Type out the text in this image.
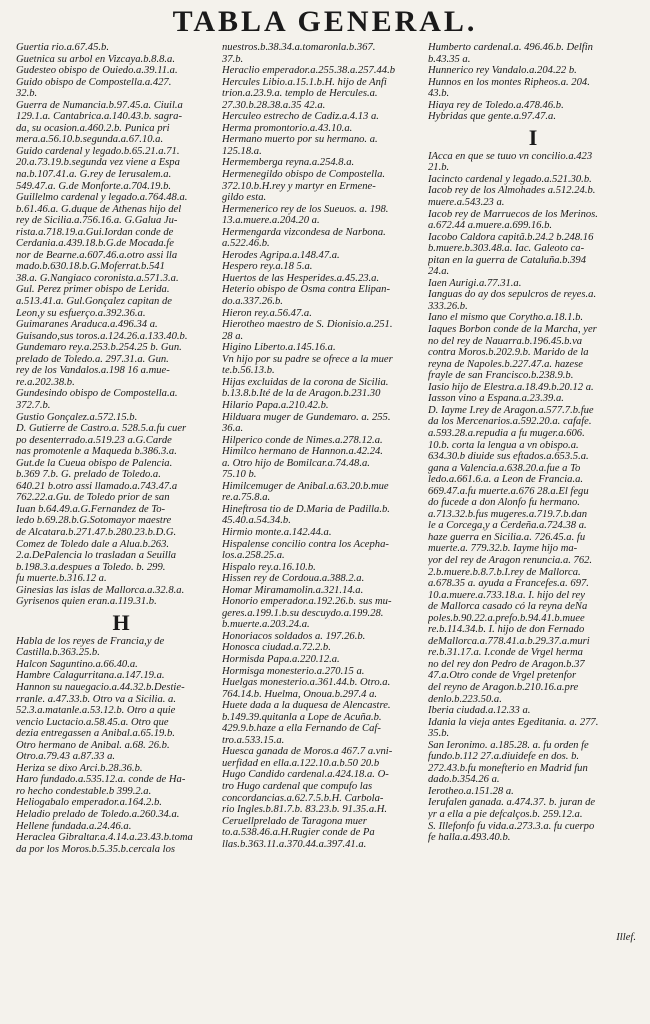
TABLA GENERAL.
Guertia rio.a.67.45.b.
Guetnica su arbol en Vizcaya.b.8.8.a.
Gudesteo obispo de Ouiedo.a.39.11.a.
Guido obispo de Compostella.a.427.
32.b.
Guerra de Numancia.b.97.45.a. Ciuil.a
129.1.a. Cantabrica.a.140.43.b. sagra-
da, su ocasion.a.460.2.b. Punica pri
mera.a.56.10.b.segunda.a.67.10.a.
Guido cardenal y legado.b.65.21.a.71.
20.a.73.19.b.segunda vez viene a Espa
na.b.107.41.a. G.rey de Ierusalem.a.
549.47.a. G.de Monforte.a.704.19.b.
Guillelmo cardenal y legado.a.764.48.a.
b.61.46.a. G.duque de Athenas hijo del
rey de Sicilia.a.756.16.a. G.Galua Ju-
rista.a.718.19.a.Gui.Iordan conde de
Cerdania.a.439.18.b.G.de Mocada.fe
nor de Bearne.a.607.46.a.otro assi lla
mado.b.630.18.b.G.Moferrat.b.541
38.a. G.Nangiaco coronista.a.571.3.a.
Gul. Perez primer obispo de Lerida.
a.513.41.a. Gul.Gonçalez capitan de
Leon,y su esfuerço.a.392.36.a.
Guimaranes Araduca.a.496.34 a.
Guisando,sus toros.a.124.26.a.133.40.b.
Gundemaro rey.a.253.b.254.25 b. Gun.
prelado de Toledo.a. 297.31.a. Gun.
rey de los Vandalos.a.198 16 a.mue-
re.a.202.38.b.
Gundesindo obispo de Compostella.a.
372.7.b.
Gustio Gonçalez.a.572.15.b.
D. Gutierre de Castro.a. 528.5.a.fu cuer
po desenterrado.a.519.23 a.G.Carde
nas promotenle a Maqueda b.386.3.a.
Gut.de la Cueua obispo de Palencia.
b.369 7.b. G. prelado de Toledo.a.
640.21 b.otro assi llamado.a.743.47.a
762.22.a.Gu. de Toledo prior de san
Iuan b.64.49.a.G.Fernandez de To-
ledo b.69.28.b.G.Sotomayor maestre
de Alcatara.b.271.47.b.280.23.b.D.G.
Comez de Toledo dale a Alua.b.263.
2.a.DePalencia lo trasladan a Seuilla
b.198.3.a.despues a Toledo. b. 299.
fu muerte.b.316.12 a.
Ginesias las islas de Mallorca.a.32.8.a.
Gyrisenos quien eran.a.119.31.b.
H
Habla de los reyes de Francia,y de
Castilla.b.363.25.b.
Halcon Saguntino.a.66.40.a.
Hambre Calagurritana.a.147.19.a.
Hannon su nauegacio.a.44.32.b.Destie-
rranle. a.47.33.b. Otro va a Sicilia. a.
52.3.a.matanle.a.53.12.b. Otro a quie
vencio Luctacio.a.58.45.a. Otro que
dezia entregassen a Anibal.a.65.19.b.
Otro hermano de Anibal. a.68. 26.b.
Otro.a.79.43 a.87.33 a.
Heriza se dixo Arci.b.28.36.b.
Haro fundado.a.535.12.a. conde de Ha-
ro hecho condestable.b 399.2.a.
Heliogabalo emperador.a.164.2.b.
Heladio prelado de Toledo.a.260.34.a.
Hellene fundada.a.24.46.a.
Heraclea Gibraltar.a.4.14.a.23.43.b.toma
da por los Moros.b.5.35.b.cercala los
nuestros.b.38.34.a.tomaronla.b.367.
37.b.
Heraclio emperador.a.255.38.a.257.44.b
Hercules Libio.a.15.1.b.H. hijo de Anfi
trion.a.23.9.a. templo de Hercules.a.
27.30.b.28.38.a.35 42.a.
Herculeo estrecho de Cadiz.a.4.13 a.
Herma promontorio.a.43.10.a.
Hermano muerto por su hermano. a.
125.18.a.
Hermemberga reyna.a.254.8.a.
Hermenegildo obispo de Compostella.
372.10.b.H.rey y martyr en Ermene-
gildo esta.
Hermenerico rey de los Sueuos. a. 198.
13.a.muere.a.204.20 a.
Hermengarda vizcondesa de Narbona.
a.522.46.b.
Herodes Agripa.a.148.47.a.
Hespero rey.a.18 5.a.
Huertos de las Hesperides.a.45.23.a.
Heterio obispo de Osma contra Elipan-
do.a.337.26.b.
Hieron rey.a.56.47.a.
Hierotheo maestro de S. Dionisio.a.251.
28 a.
Higino Liberto.a.145.16.a.
Vn hijo por su padre se ofrece a la muer
te.b.56.13.b.
Hijas excluidas de la corona de Sicilia.
b.13.8.b.Ité de la de Aragon.b.231.30
Hilario Papa.a.210.42.b.
Hilduara muger de Gundemaro. a. 255.
36.a.
Hilperico conde de Nimes.a.278.12.a.
Himilco hermano de Hannon.a.42.24.
a. Otro hijo de Bomilcar.a.74.48.a.
75.10 b.
Himilcemuger de Anibal.a.63.20.b.mue
re.a.75.8.a.
Hineftrosa tio de D.Maria de Padilla.b.
45.40.a.54.34.b.
Hirmio monte.a.142.44.a.
Hispalense concilio contra los Acepha-
los.a.258.25.a.
Hispalo rey.a.16.10.b.
Hissen rey de Cordoua.a.388.2.a.
Homar Miramamolin.a.321.14.a.
Honorio emperador.a.192.26.b. sus mu-
geres.a.199.1.b.su descuydo.a.199.28.
b.muerte.a.203.24.a.
Honoriacos soldados a. 197.26.b.
Honosca ciudad.a.72.2.b.
Hormisda Papa.a.220.12.a.
Hormisga monesterio.a.270.15 a.
Huelgas monesterio.a.361.44.b. Otro.a.
764.14.b. Huelma, Onoua.b.297.4 a.
Huete dada a la duquesa de Alencastre.
b.149.39.quitanla a Lope de Acuña.b.
429.9.b.haze a ella Fernando de Caf-
tro.a.533.15.a.
Huesca ganada de Moros.a 467.7 a.vni-
uerfidad en ella.a.122.10.a.b.50 20.b
Hugo Candido cardenal.a.424.18.a. O-
tro Hugo cardenal que compufo las
concordancias.a.62.7.5.b.H. Carbola-
rio Ingles.b.81.7.b. 83.23.b. 91.35.a.H.
Ceruellprelado de Taragona muer
to.a.538.46.a.H.Rugier conde de Pa
llas.b.363.11.a.370.44.a.397.41.a.
Humberto cardenal.a. 496.46.b. Delfin
b.43.35 a.
Hunnerico rey Vandalo.a.204.22 b.
Hunnos en los montes Ripheos.a. 204.
43.b.
Hiaya rey de Toledo.a.478.46.b.
Hybridas que gente.a.97.47.a.
I
IAcca en que se tuuo vn concilio.a.423
21.b.
Iacincto cardenal y legado.a.521.30.b.
Iacob rey de los Almohades a.512.24.b.
muere.a.543.23 a.
Iacob rey de Marruecos de los Merinos.
a.672.44 a.muere.a.699.16.b.
Iacobo Caldora capitã.b.24.2 b.248.16
b.muere.b.303.48.a. Iac. Galeoto ca-
pitan en la guerra de Cataluña.b.394
24.a.
Iaen Aurigi.a.77.31.a.
Ianguas do ay dos sepulcros de reyes.a.
333.26.b.
Iano el mismo que Corytho.a.18.1.b.
Iaques Borbon conde de la Marcha, yer
no del rey de Nauarra.b.196.45.b.va
contra Moros.b.202.9.b. Marido de la
reyna de Napoles.b.227.47.a. hazese
frayle de san Francisco.b.238.9.b.
Iasio hijo de Elestra.a.18.49.b.20.12 a.
Iasson vino a Espana.a.23.39.a.
D. Iayme I.rey de Aragon.a.577.7.b.fue
da los Mercenarios.a.592.20.a. cafafe.
a.593.28.a.repudia a fu muger.a.606.
10.b. corta la lengua a vn obispo.a.
634.30.b diuide sus eftados.a.653.5.a.
gana a Valencia.a.638.20.a.fue a To
ledo.a.661.6.a. a Leon de Francia.a.
669.47.a.fu muerte.a.676 28.a.El fegu
do fucede a don Alonfo fu hermano.
a.713.32.b.fus mugeres.a.719.7.b.dan
le a Corcega,y a Cerdeña.a.724.38 a.
haze guerra en Sicilia.a. 726.45.a. fu
muerte.a. 779.32.b. Iayme hijo ma-
yor del rey de Aragon renuncia.a. 762.
2.b.muere.b.8.7.b.I.rey de Mallorca.
a.678.35 a. ayuda a Francefes.a. 697.
10.a.muere.a.733.18.a. I. hijo del rey
de Mallorca casado có la reyna deNa
poles.b.90.22.a.prefo.b.94.41.b.muee
re.b.114.34.b. I. hijo de don Fernado
deMallorca.a.778.41.a.b.29.37.a.muri
re.b.31.17.a. I.conde de Vrgel herma
no del rey don Pedro de Aragon.b.37
47.a.Otro conde de Vrgel pretenfor
del reyno de Aragon.b.210.16.a.pre
denlo.b.223.50.a.
Iberia ciudad.a.12.33 a.
Idania la vieja antes Egeditania. a. 277.
35.b.
San Ieronimo. a.185.28. a. fu orden fe
fundo.b.112 27.a.diuidefe en dos. b.
272.43.b.fu monefterio en Madrid fun
dado.b.354.26 a.
Ierotheo.a.151.28 a.
Ierufalen ganada. a.474.37. b. juran de
yr a ella a pie defcalços.b. 259.12.a.
S. Illefonfo fu vida.a.273.3.a. fu cuerpo
fe halla.a.493.40.b.
Illef.
